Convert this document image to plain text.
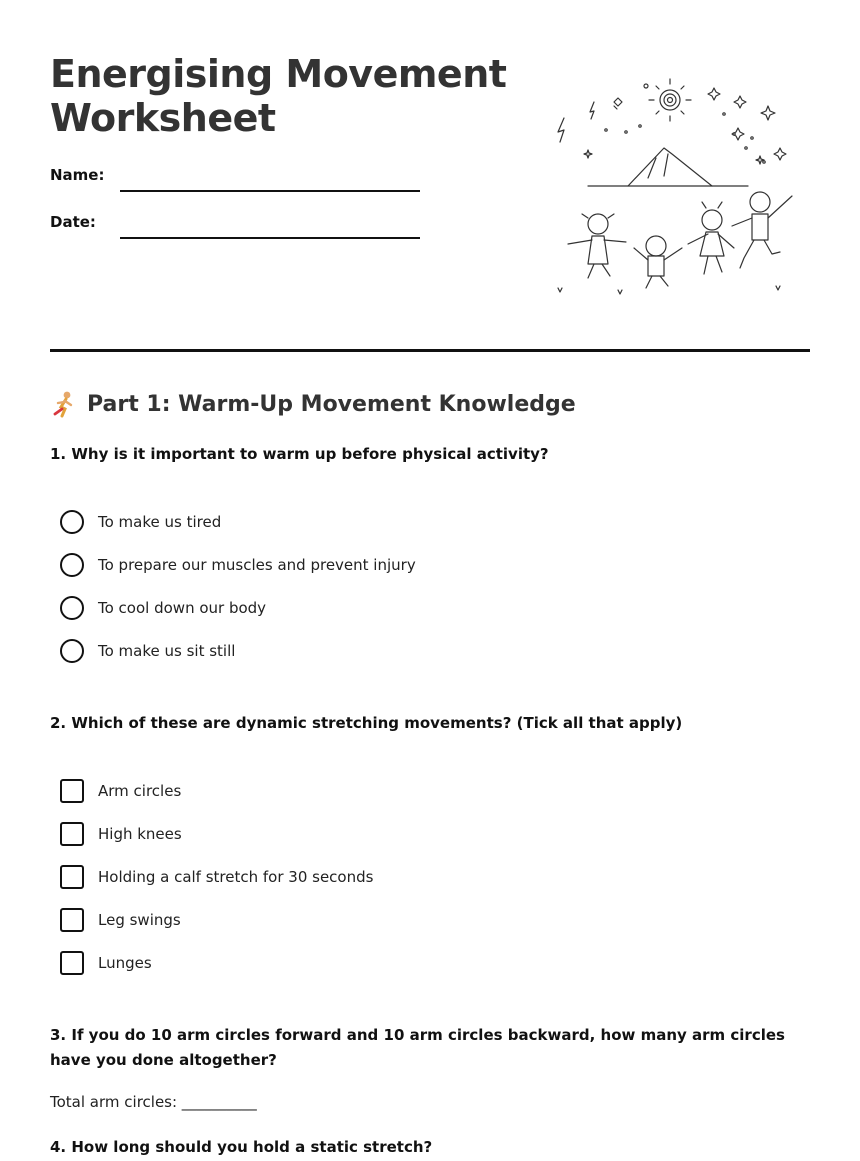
Energising Movement Worksheet
Name:
Date:
Part 1: Warm-Up Movement Knowledge
1. Why is it important to warm up before physical activity?
To make us tired
To prepare our muscles and prevent injury
To cool down our body
To make us sit still
2. Which of these are dynamic stretching movements? (Tick all that apply)
Arm circles
High knees
Holding a calf stretch for 30 seconds
Leg swings
Lunges
3. If you do 10 arm circles forward and 10 arm circles backward, how many arm circles have you done altogether?
Total arm circles: __________
4. How long should you hold a static stretch?
